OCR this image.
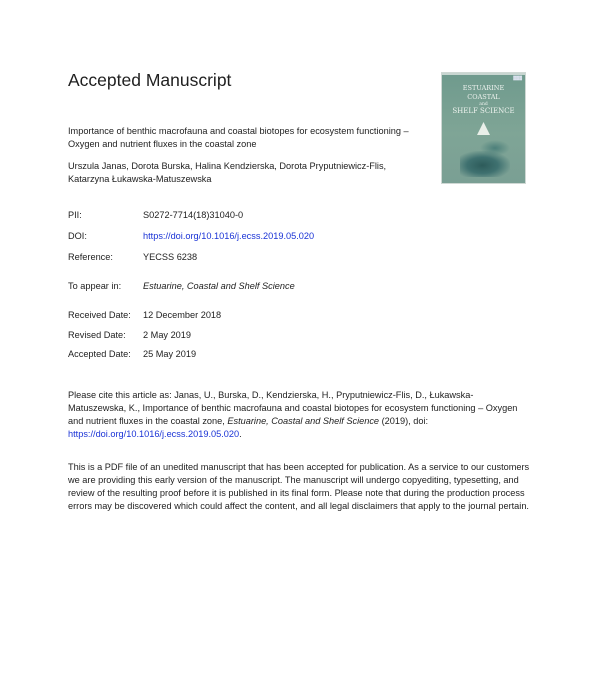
Accepted Manuscript	▓▓▓
ESTUARINE
COASTAL
and
SHELF SCIENCE
Importance of benthic macrofauna and coastal biotopes for ecosystem functioning – Oxygen and nutrient fluxes in the coastal zone
Urszula Janas, Dorota Burska, Halina Kendzierska, Dorota Pryputniewicz-Flis, Katarzyna Łukawska-Matuszewska
PII:	S0272-7714(18)31040-0
DOI:	https://doi.org/10.1016/j.ecss.2019.05.020
Reference:	YECSS 6238
To appear in: Estuarine, Coastal and Shelf Science
Received Date: 12 December 2018
Revised Date: 2 May 2019
Accepted Date: 25 May 2019
Please cite this article as: Janas, U., Burska, D., Kendzierska, H., Pryputniewicz-Flis, D., Łukawska-Matuszewska, K., Importance of benthic macrofauna and coastal biotopes for ecosystem functioning – Oxygen and nutrient fluxes in the coastal zone, Estuarine, Coastal and Shelf Science (2019), doi: https://doi.org/10.1016/j.ecss.2019.05.020.
This is a PDF file of an unedited manuscript that has been accepted for publication. As a service to our customers we are providing this early version of the manuscript. The manuscript will undergo copyediting, typesetting, and review of the resulting proof before it is published in its final form. Please note that during the production process errors may be discovered which could affect the content, and all legal disclaimers that apply to the journal pertain.
